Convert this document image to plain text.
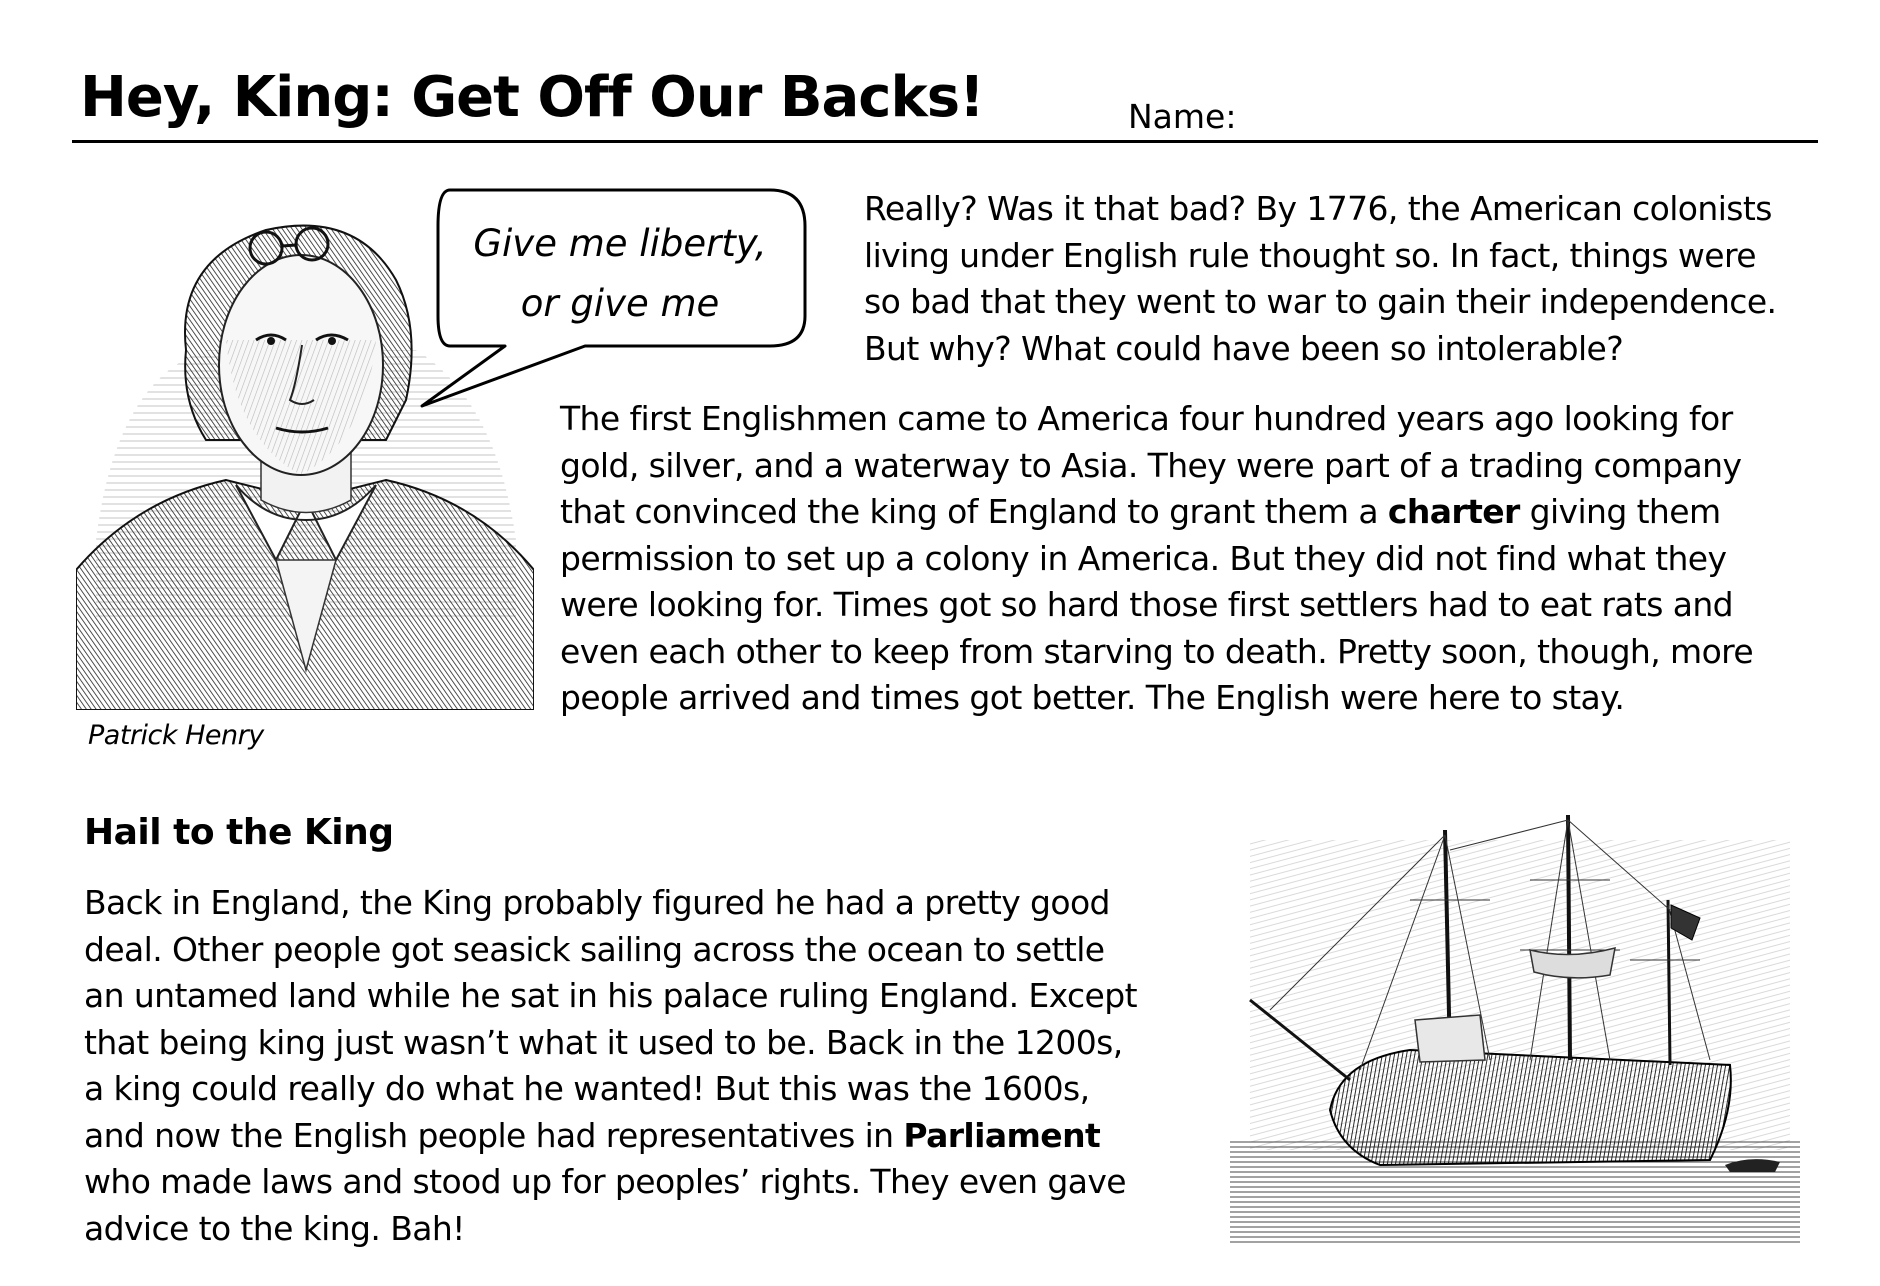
Hey, King: Get Off Our Backs!	Name:
Patrick Henry
Give me liberty,
or give me
Really? Was it that bad? By 1776, the American colonists
living under English rule thought so. In fact, things were
so bad that they went to war to gain their independence.
But why? What could have been so intolerable?
The first Englishmen came to America four hundred years ago looking for
gold, silver, and a waterway to Asia. They were part of a trading company
that convinced the king of England to grant them a charter giving them
permission to set up a colony in America. But they did not find what they
were looking for. Times got so hard those first settlers had to eat rats and
even each other to keep from starving to death. Pretty soon, though, more
people arrived and times got better. The English were here to stay.
Hail to the King
Back in England, the King probably figured he had a pretty good
deal. Other people got seasick sailing across the ocean to settle
an untamed land while he sat in his palace ruling England. Except
that being king just wasn’t what it used to be. Back in the 1200s,
a king could really do what he wanted! But this was the 1600s,
and now the English people had representatives in Parliament
who made laws and stood up for peoples’ rights. They even gave
advice to the king. Bah!
